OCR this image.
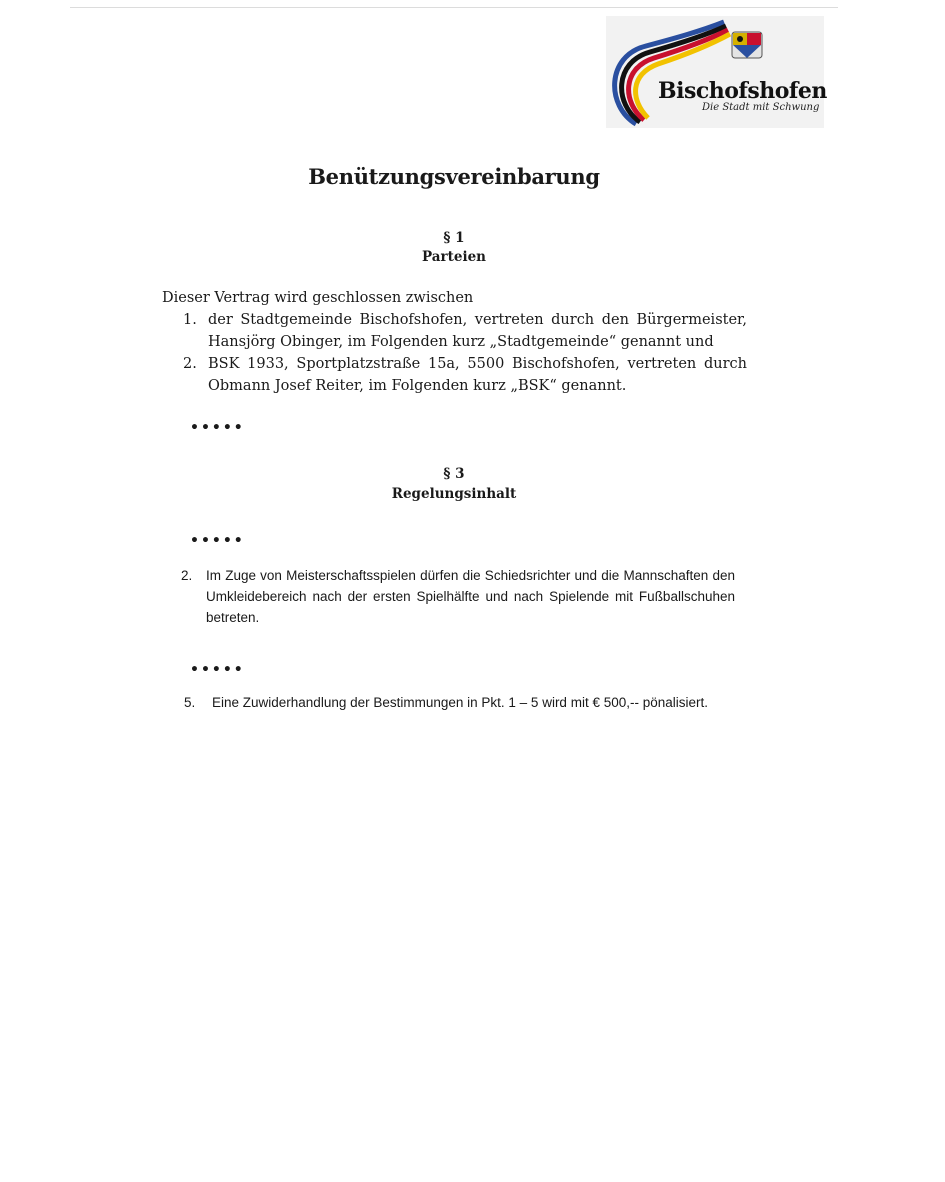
Bischofshofen
Die Stadt mit Schwung
Benützungsvereinbarung
§ 1
Parteien
Dieser Vertrag wird geschlossen zwischen
1. der Stadtgemeinde Bischofshofen, vertreten durch den Bürgermeister, Hansjörg Obinger, im Folgenden kurz „Stadtgemeinde“ genannt und
2. BSK 1933, Sportplatzstraße 15a, 5500 Bischofshofen, vertreten durch Obmann Josef Reiter, im Folgenden kurz „BSK“ genannt.
•••••
§ 3
Regelungsinhalt
•••••
2.	Im Zuge von Meisterschaftsspielen dürfen die Schiedsrichter und die Mannschaften den Umkleidebereich nach der ersten Spielhälfte und nach Spielende mit Fußballschuhen betreten.
•••••
5.	Eine Zuwiderhandlung der Bestimmungen in Pkt. 1 – 5 wird mit € 500,-- pönalisiert.
